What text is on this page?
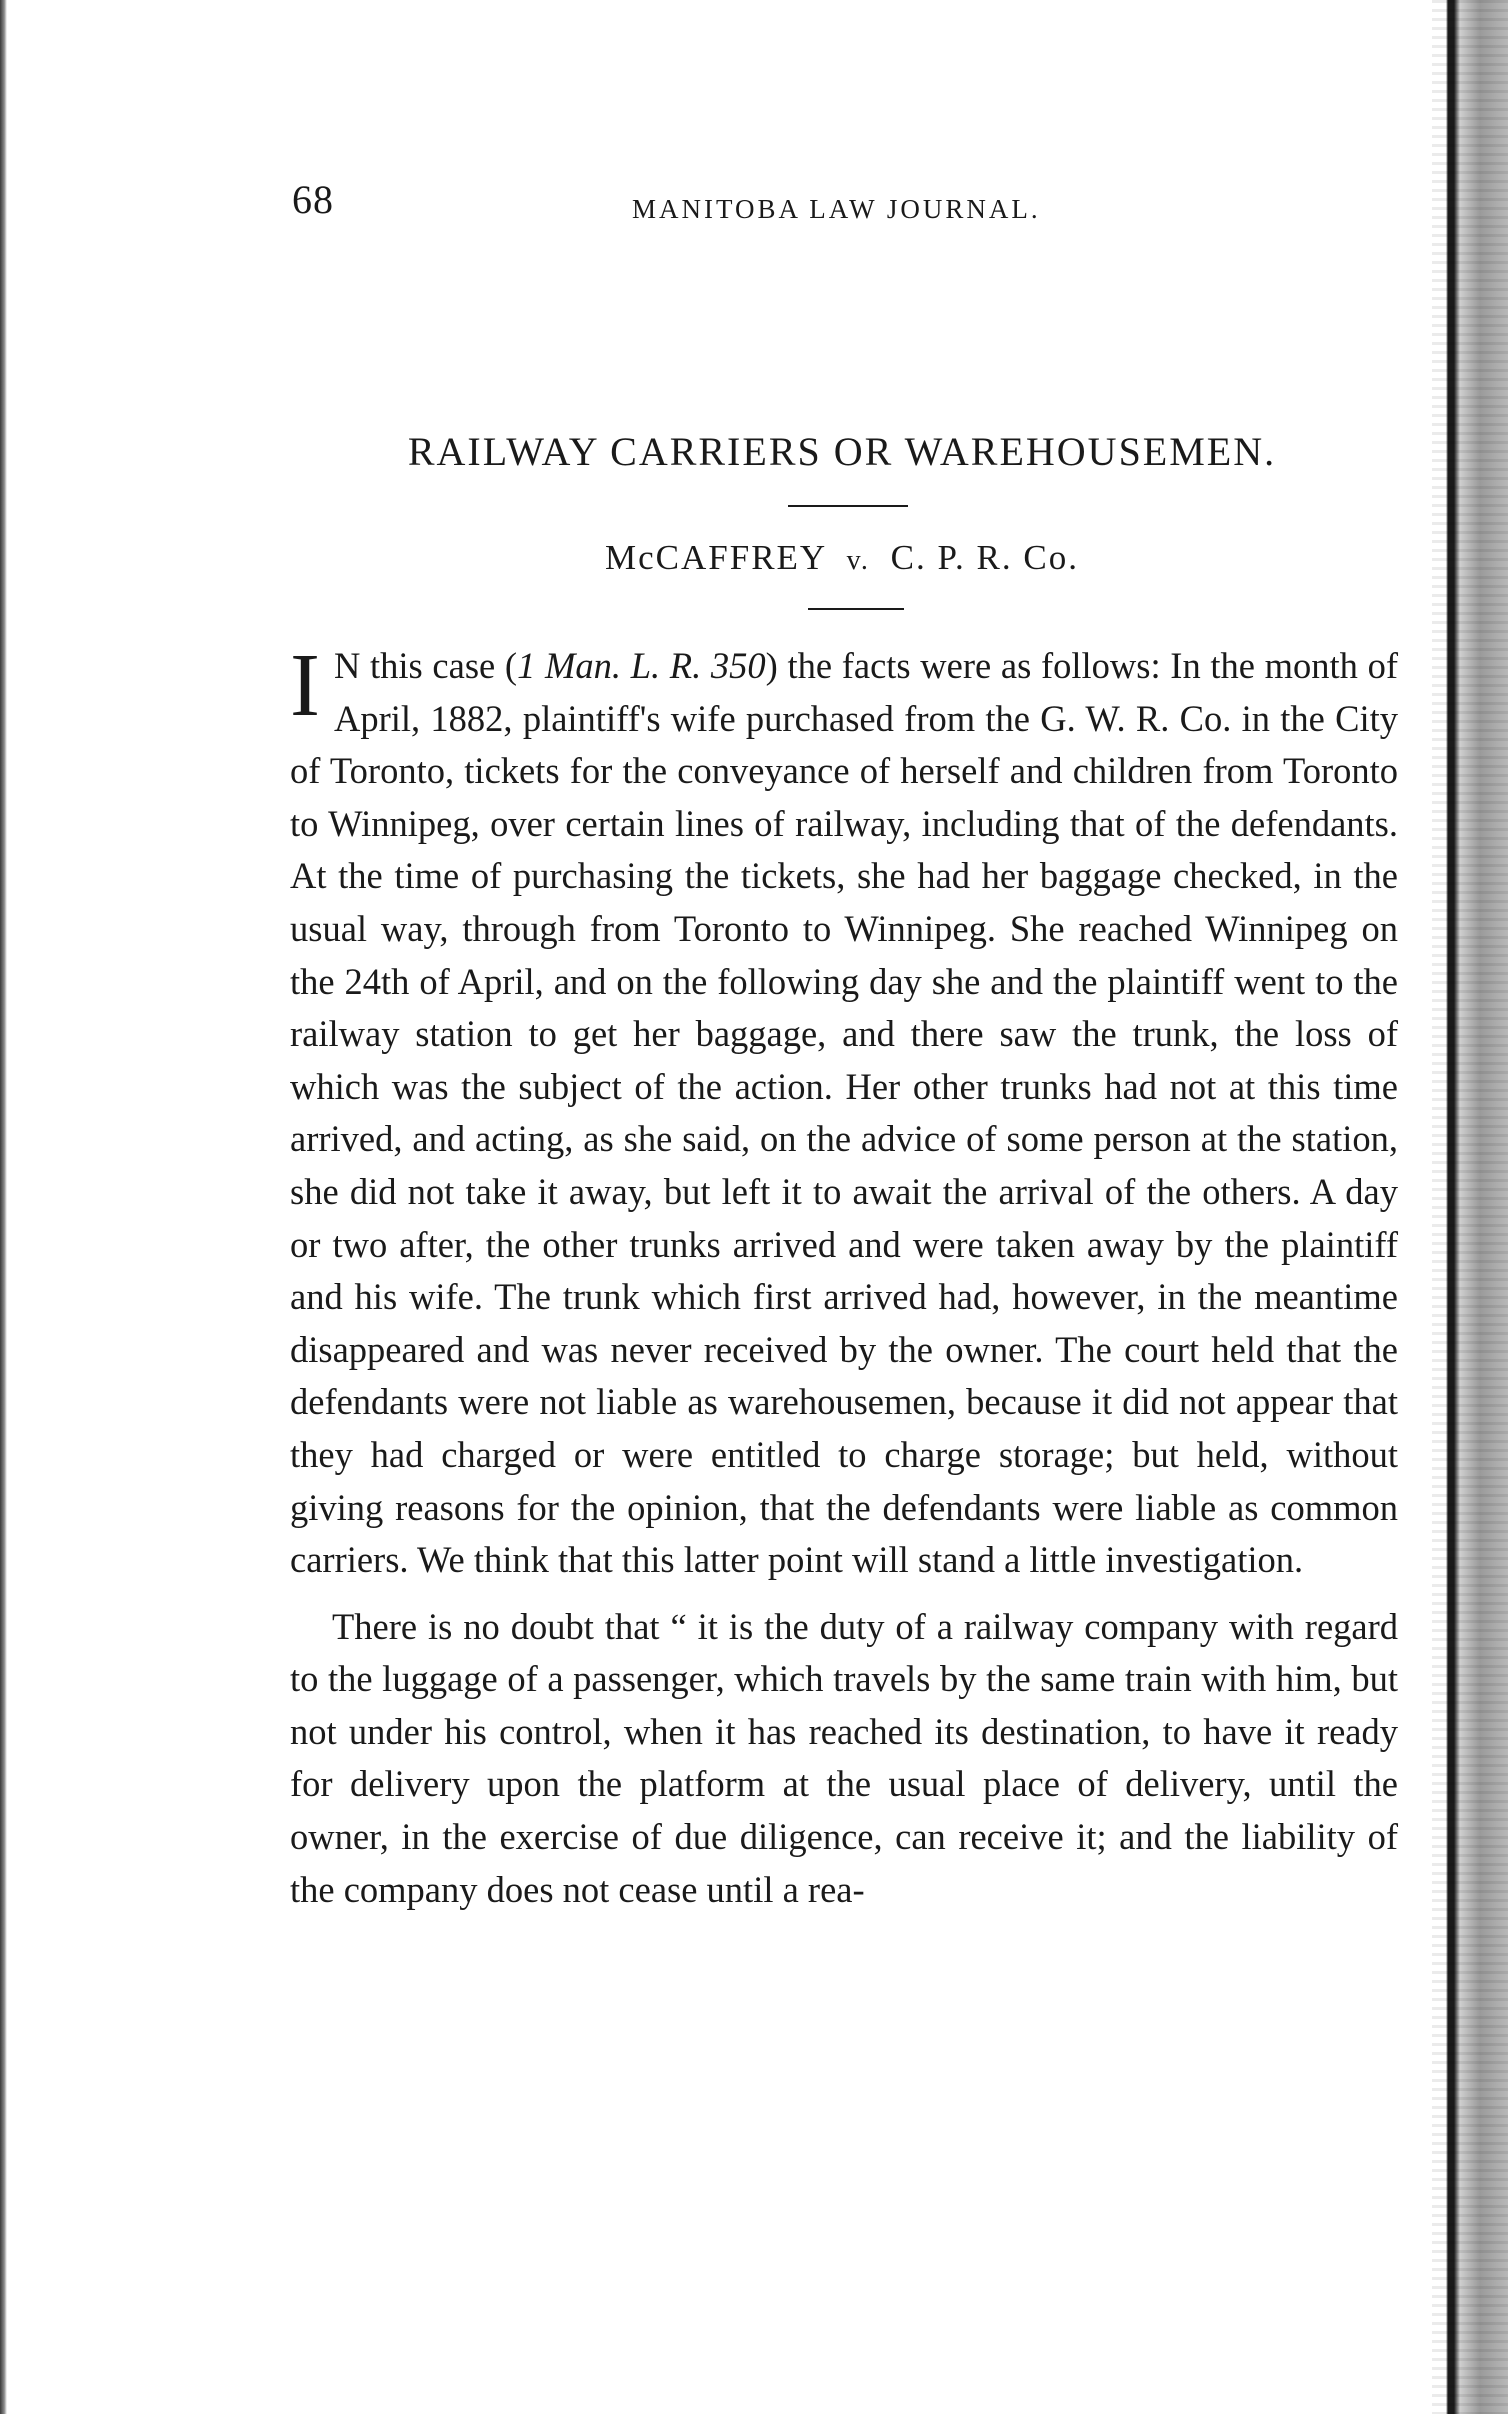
68	MANITOBA LAW JOURNAL.
RAILWAY CARRIERS OR WAREHOUSEMEN.
McCAFFREY v. C. P. R. Co.

I N this case (1 Man. L. R. 350) the facts were as follows: In the month of April, 1882, plaintiff's wife purchased from the G. W. R. Co. in the City of Toronto, tickets for the conveyance of herself and children from Toronto to Winnipeg, over certain lines of railway, including that of the defendants. At the time of purchasing the tickets, she had her baggage checked, in the usual way, through from Toronto to Winnipeg. She reached Winnipeg on the 24th of April, and on the following day she and the plaintiff went to the railway station to get her baggage, and there saw the trunk, the loss of which was the subject of the action. Her other trunks had not at this time arrived, and acting, as she said, on the advice of some person at the station, she did not take it away, but left it to await the arrival of the others. A day or two after, the other trunks arrived and were taken away by the plaintiff and his wife. The trunk which first arrived had, however, in the meantime disappeared and was never received by the owner. The court held that the defendants were not liable as warehousemen, because it did not appear that they had charged or were entitled to charge storage; but held, without giving reasons for the opinion, that the defendants were liable as common carriers. We think that this latter point will stand a little investigation.

There is no doubt that “ it is the duty of a railway company with regard to the luggage of a passenger, which travels by the same train with him, but not under his control, when it has reached its destination, to have it ready for delivery upon the platform at the usual place of delivery, until the owner, in the exercise of due diligence, can receive it; and the liability of the company does not cease until a rea-
